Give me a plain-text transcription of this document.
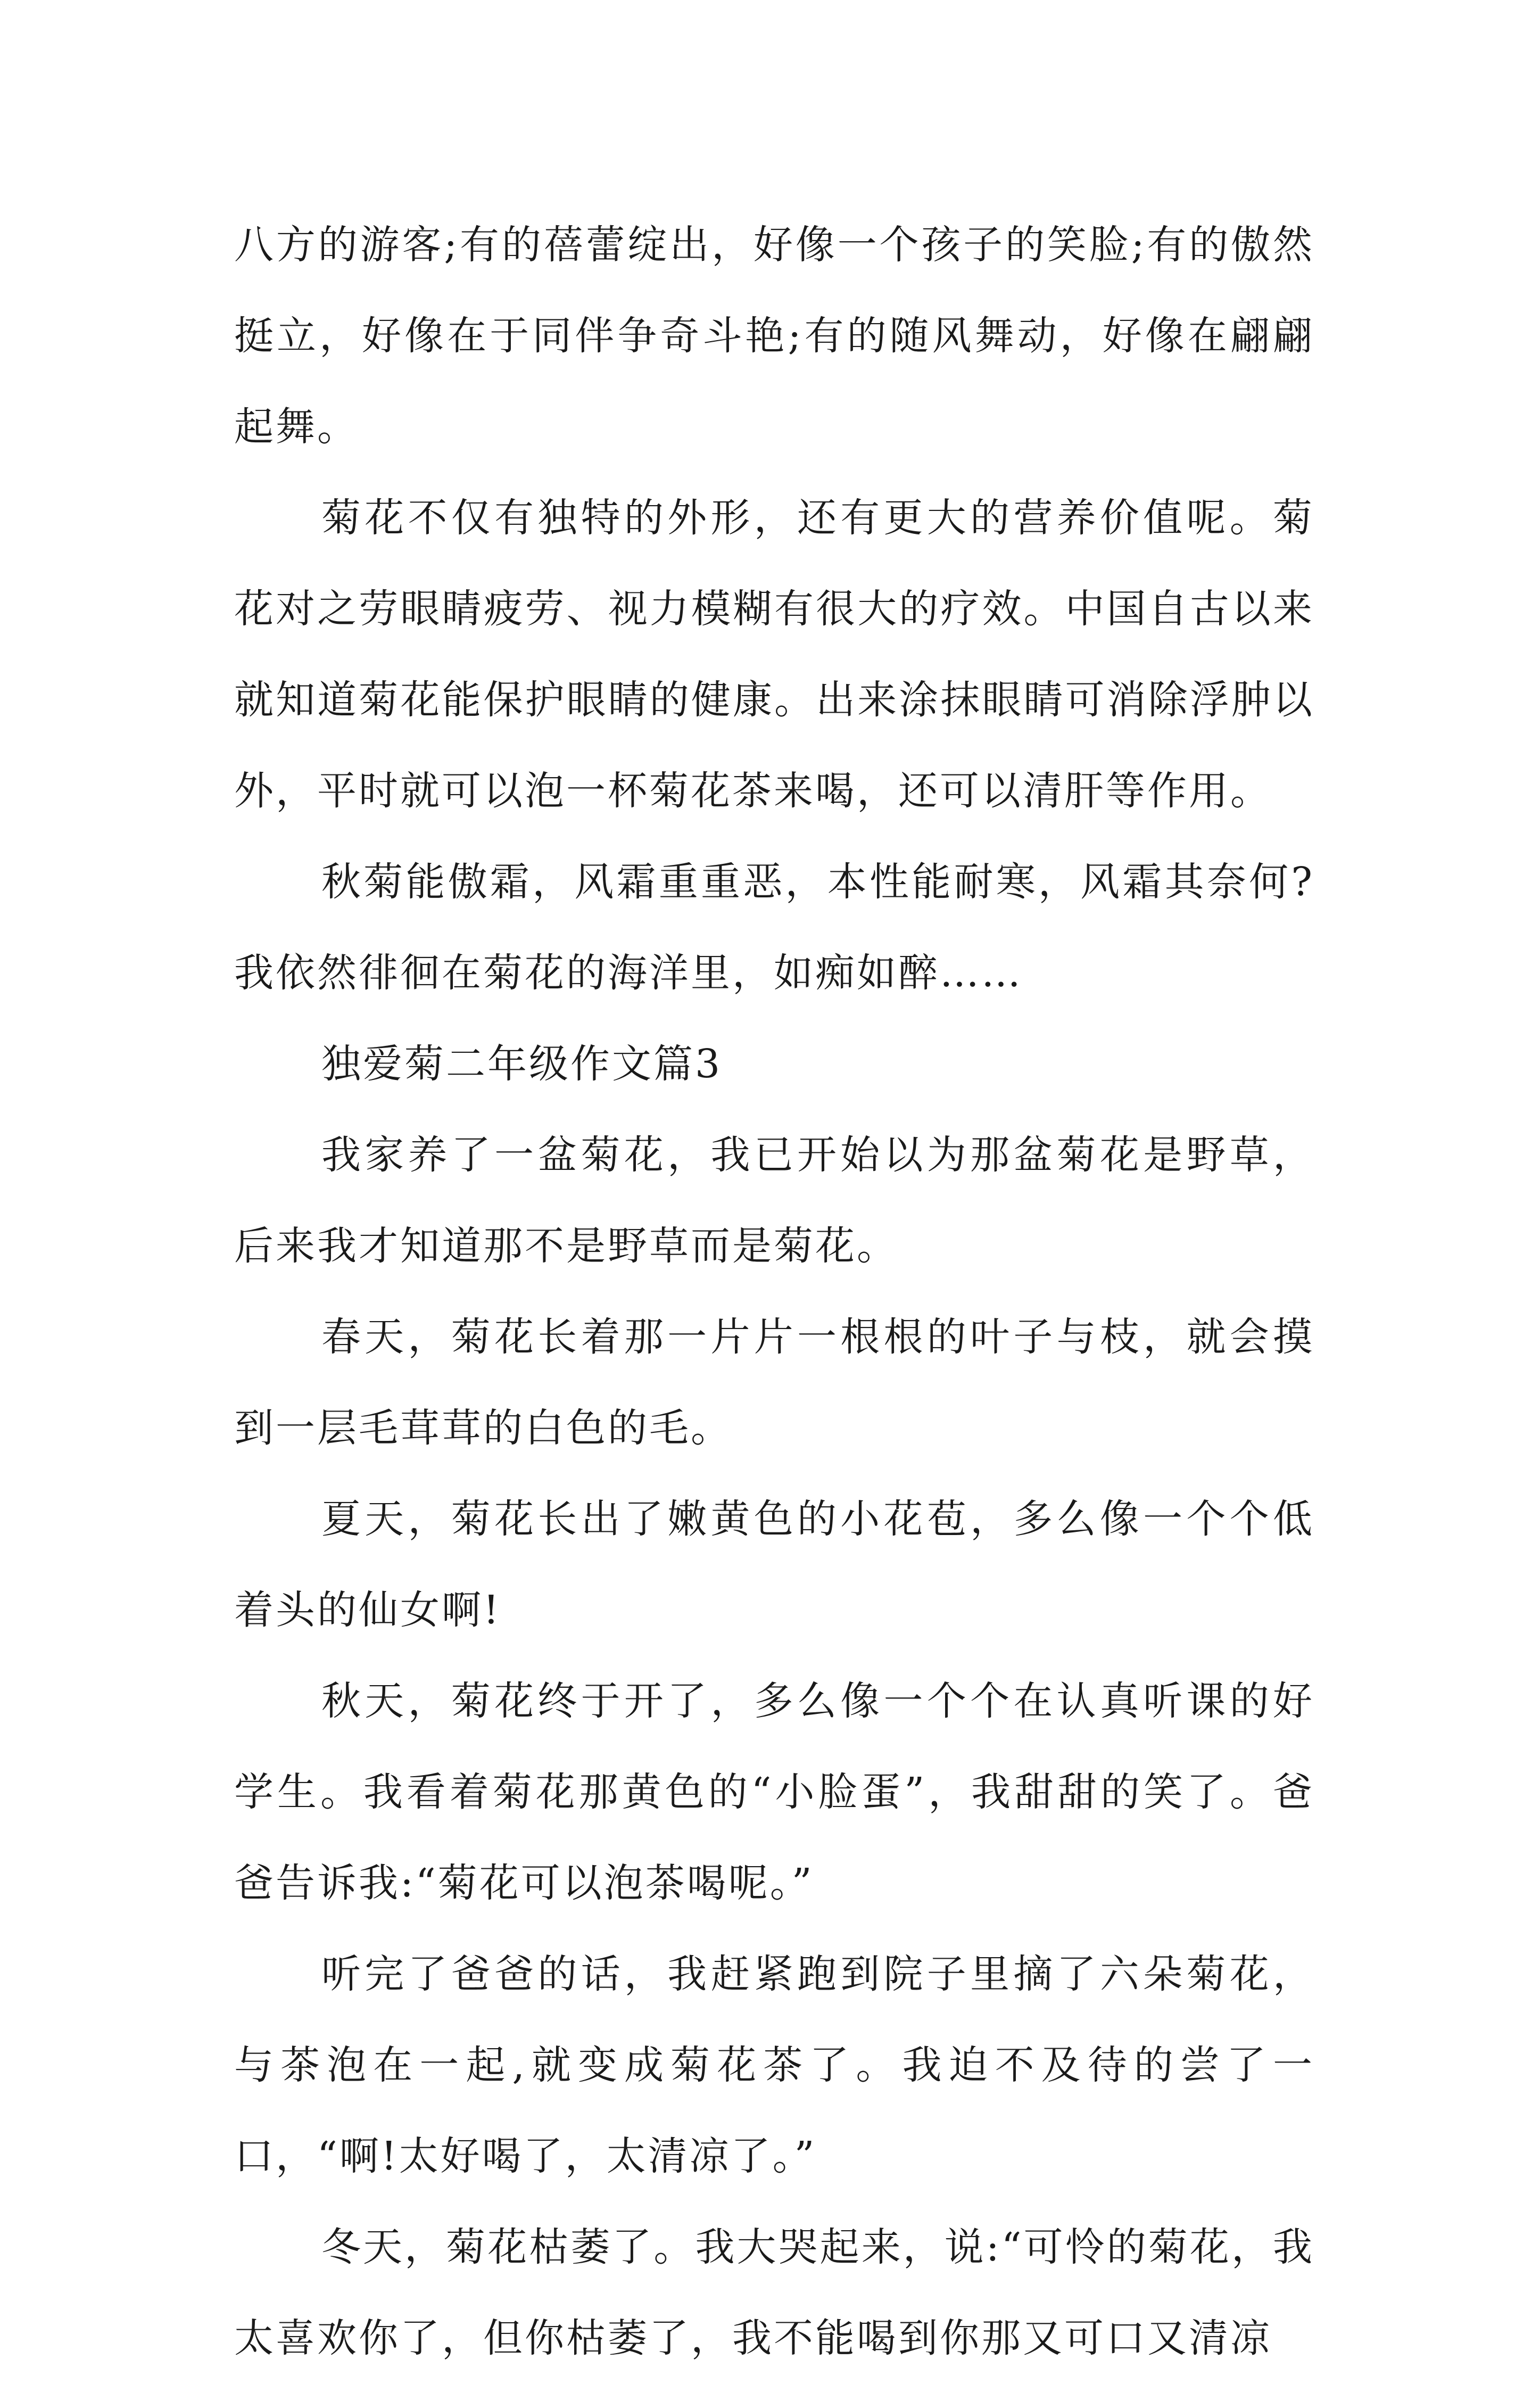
八方的游客;有的蓓蕾绽出，好像一个孩子的笑脸;有的傲然挺立，好像在于同伴争奇斗艳;有的随风舞动，好像在翩翩起舞。

菊花不仅有独特的外形，还有更大的营养价值呢。菊花对之劳眼睛疲劳、视力模糊有很大的疗效。中国自古以来就知道菊花能保护眼睛的健康。出来涂抹眼睛可消除浮肿以外，平时就可以泡一杯菊花茶来喝，还可以清肝等作用。

秋菊能傲霜，风霜重重恶，本性能耐寒，风霜其奈何?我依然徘徊在菊花的海洋里，如痴如醉……

独爱菊二年级作文篇3

我家养了一盆菊花，我已开始以为那盆菊花是野草，后来我才知道那不是野草而是菊花。

春天，菊花长着那一片片一根根的叶子与枝，就会摸到一层毛茸茸的白色的毛。

夏天，菊花长出了嫩黄色的小花苞，多么像一个个低着头的仙女啊!

秋天，菊花终于开了，多么像一个个在认真听课的好学生。我看着菊花那黄色的“小脸蛋”，我甜甜的笑了。爸爸告诉我:“菊花可以泡茶喝呢。”

听完了爸爸的话，我赶紧跑到院子里摘了六朵菊花，与茶泡在一起,就变成菊花茶了。我迫不及待的尝了一口，“啊!太好喝了，太清凉了。”

冬天，菊花枯萎了。我大哭起来，说:“可怜的菊花，我太喜欢你了，但你枯萎了，我不能喝到你那又可口又清凉
